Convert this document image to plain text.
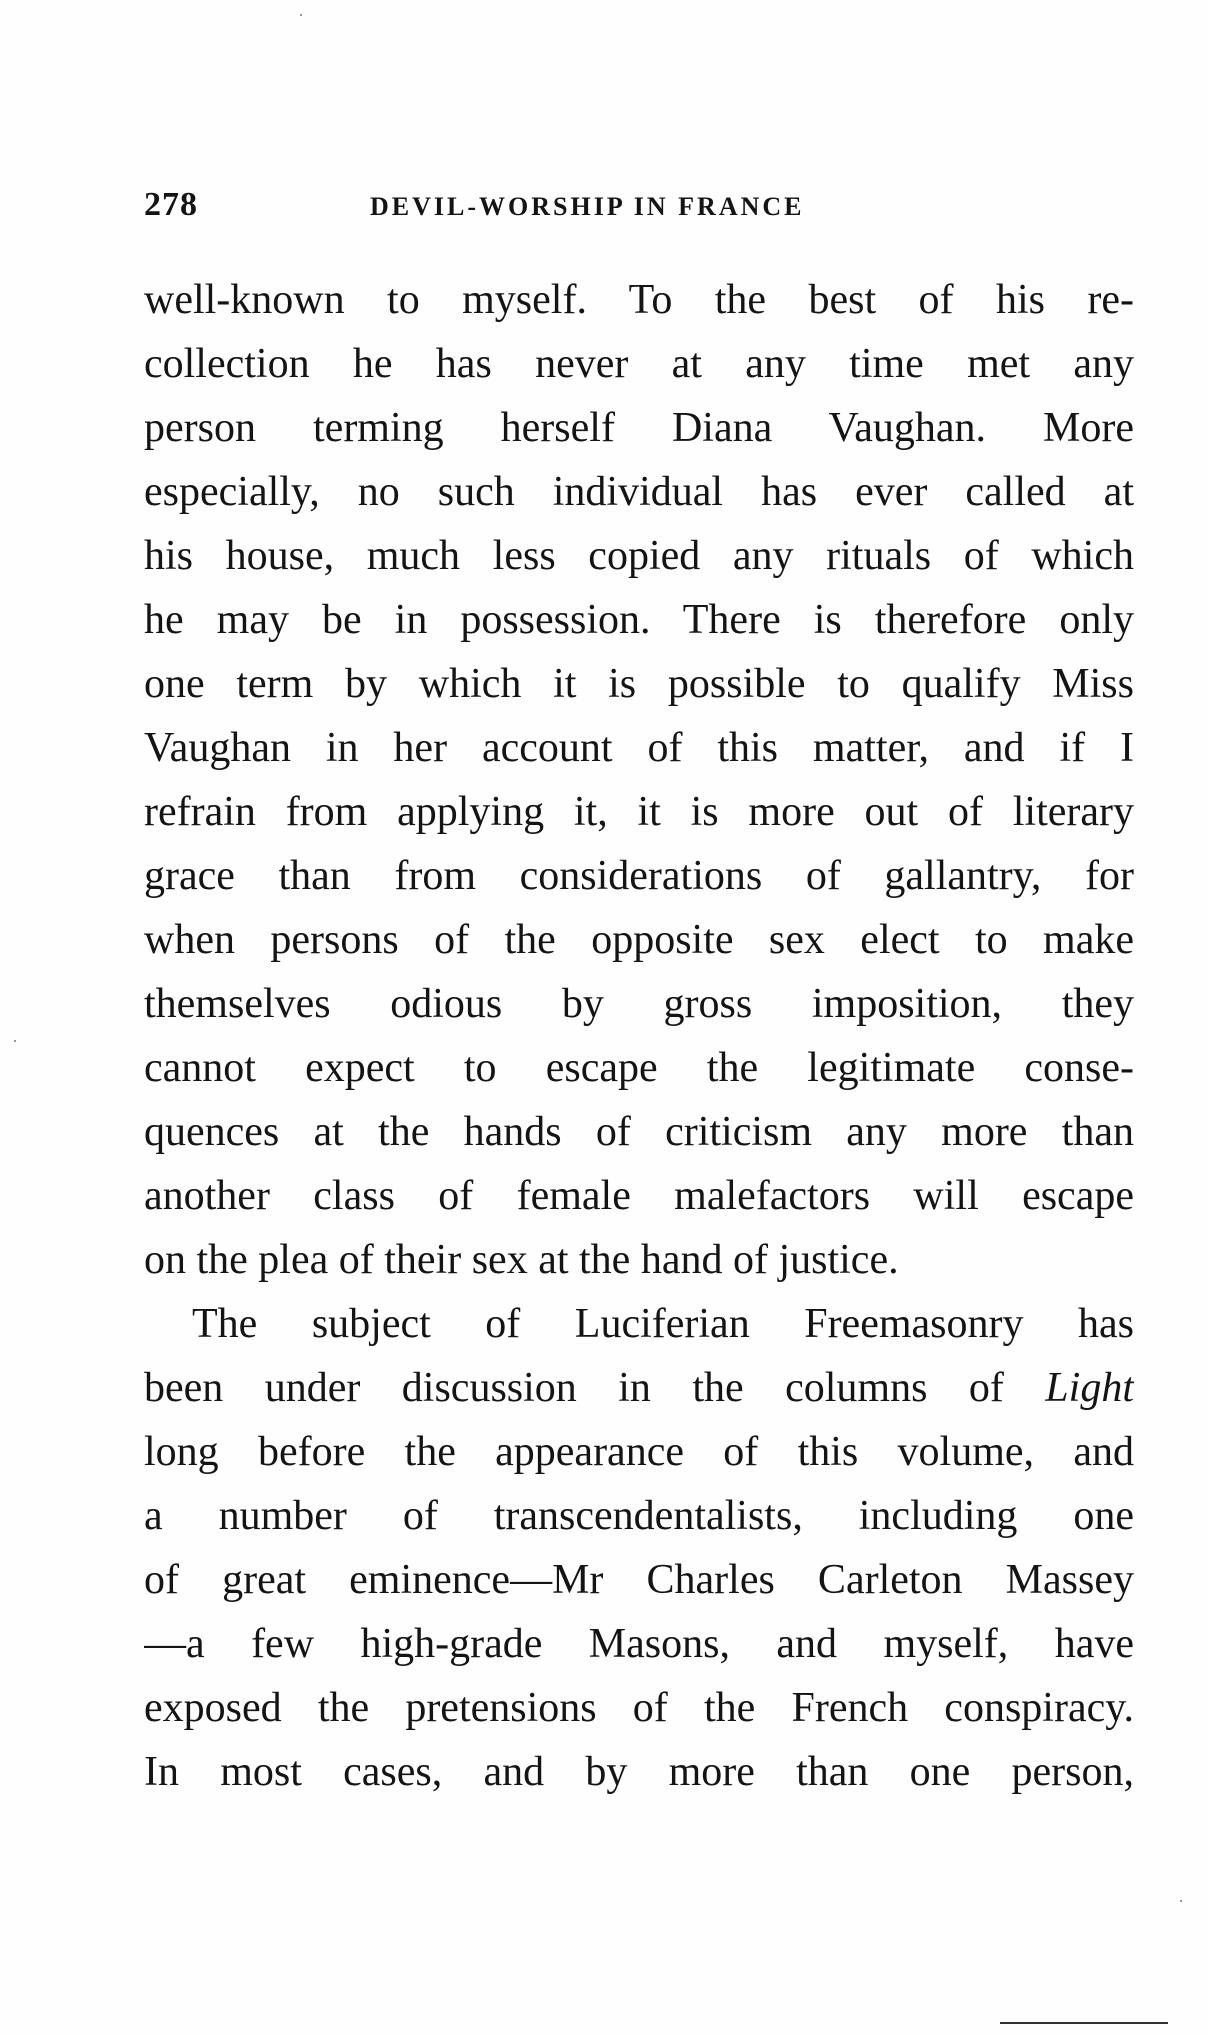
278	DEVIL-WORSHIP IN FRANCE
well-known to myself. To the best of his re-
collection he has never at any time met any
person terming herself Diana Vaughan. More
especially, no such individual has ever called at
his house, much less copied any rituals of which
he may be in possession. There is therefore only
one term by which it is possible to qualify Miss
Vaughan in her account of this matter, and if I
refrain from applying it, it is more out of literary
grace than from considerations of gallantry, for
when persons of the opposite sex elect to make
themselves odious by gross imposition, they
cannot expect to escape the legitimate conse-
quences at the hands of criticism any more than
another class of female malefactors will escape
on the plea of their sex at the hand of justice.
The subject of Luciferian Freemasonry has
been under discussion in the columns of Light
long before the appearance of this volume, and
a number of transcendentalists, including one
of great eminence—Mr Charles Carleton Massey
—a few high-grade Masons, and myself, have
exposed the pretensions of the French conspiracy.
In most cases, and by more than one person,
